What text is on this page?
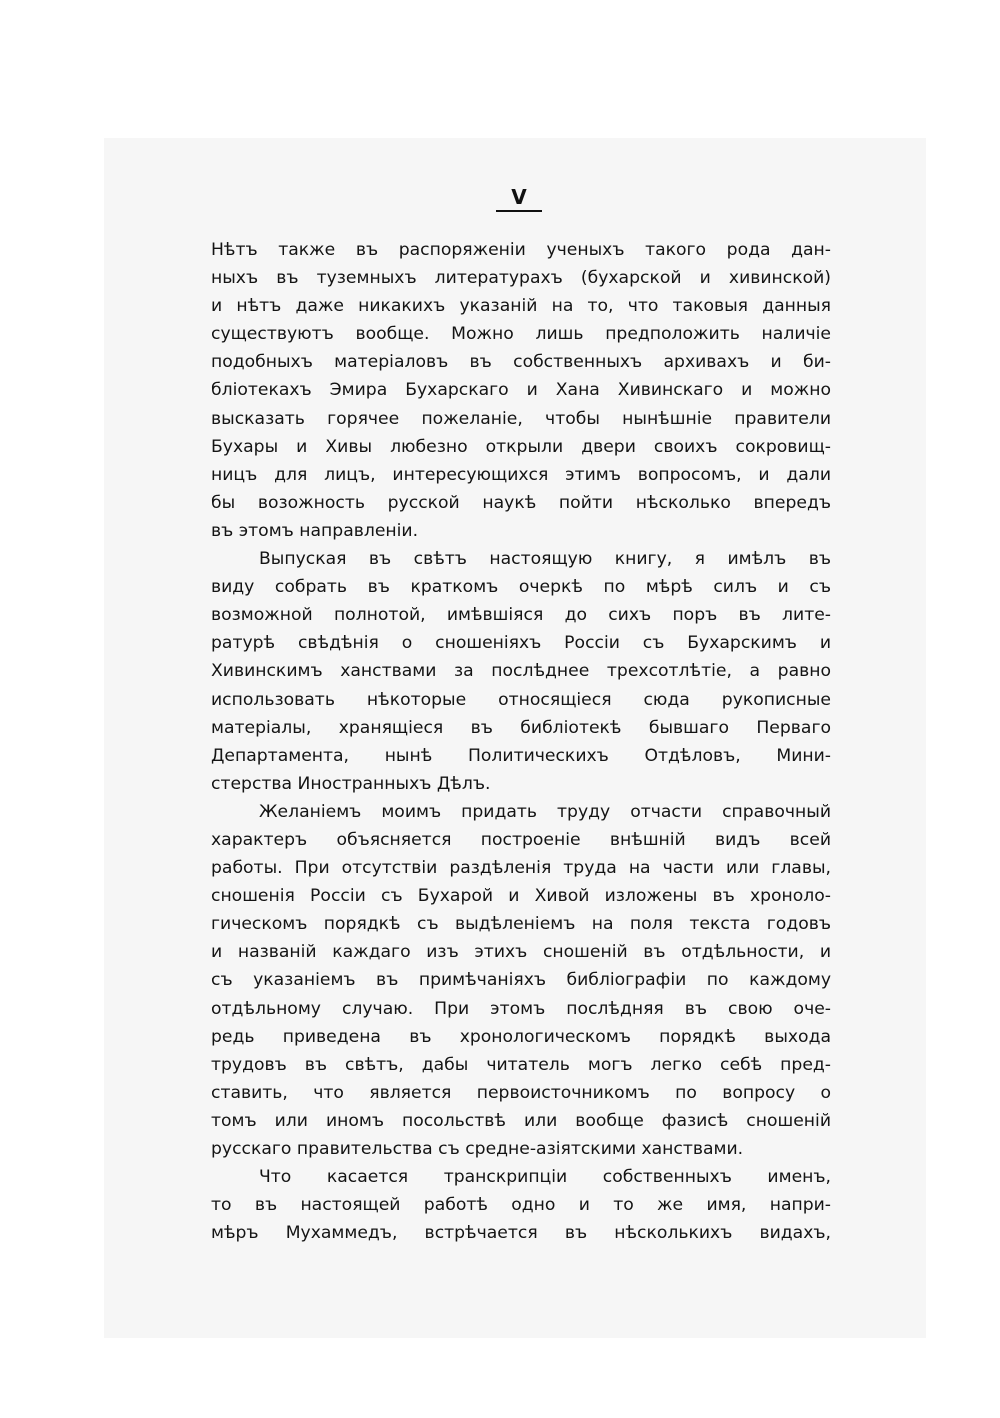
V
Нѣтъ также въ распоряженіи ученыхъ такого рода дан-
ныхъ въ туземныхъ литературахъ (бухарской и хивинской)
и нѣтъ даже никакихъ указаній на то, что таковыя данныя
существуютъ вообще. Можно лишь предположить наличіе
подобныхъ матеріаловъ въ собственныхъ архивахъ и би-
бліотекахъ Эмира Бухарскаго и Хана Хивинскаго и можно
высказать горячее пожеланіе, чтобы нынѣшніе правители
Бухары и Хивы любезно открыли двери своихъ сокровищ-
ницъ для лицъ, интересующихся этимъ вопросомъ, и дали
бы возожность русской наукѣ пойти нѣсколько впередъ
въ этомъ направленіи.
Выпуская въ свѣтъ настоящую книгу, я имѣлъ въ
виду собрать въ краткомъ очеркѣ по мѣрѣ силъ и съ
возможной полнотой, имѣвшіяся до сихъ поръ въ лите-
ратурѣ свѣдѣнія о сношеніяхъ Россіи съ Бухарскимъ и
Хивинскимъ ханствами за послѣднее трехсотлѣтіе, а равно
использовать нѣкоторые относящіеся сюда рукописные
матеріалы, хранящіеся въ библіотекѣ бывшаго Перваго
Департамента, нынѣ Политическихъ Отдѣловъ, Мини-
стерства Иностранныхъ Дѣлъ.
Желаніемъ моимъ придать труду отчасти справочный
характеръ объясняется построеніе внѣшній видъ всей
работы. При отсутствіи раздѣленія труда на части или главы,
сношенія Россіи съ Бухарой и Хивой изложены въ хроноло-
гическомъ порядкѣ съ выдѣленіемъ на поля текста годовъ
и названій каждаго изъ этихъ сношеній въ отдѣльности, и
съ указаніемъ въ примѣчаніяхъ библіографіи по каждому
отдѣльному случаю. При этомъ послѣдняя въ свою оче-
редь приведена въ хронологическомъ порядкѣ выхода
трудовъ въ свѣтъ, дабы читатель могъ легко себѣ пред-
ставить, что является первоисточникомъ по вопросу о
томъ или иномъ посольствѣ или вообще фазисѣ сношеній
русскаго правительства съ средне-азіятскими ханствами.
Что касается транскрипціи собственныхъ именъ,
то въ настоящей работѣ одно и то же имя, напри-
мѣръ Мухаммедъ, встрѣчается въ нѣсколькихъ видахъ,
